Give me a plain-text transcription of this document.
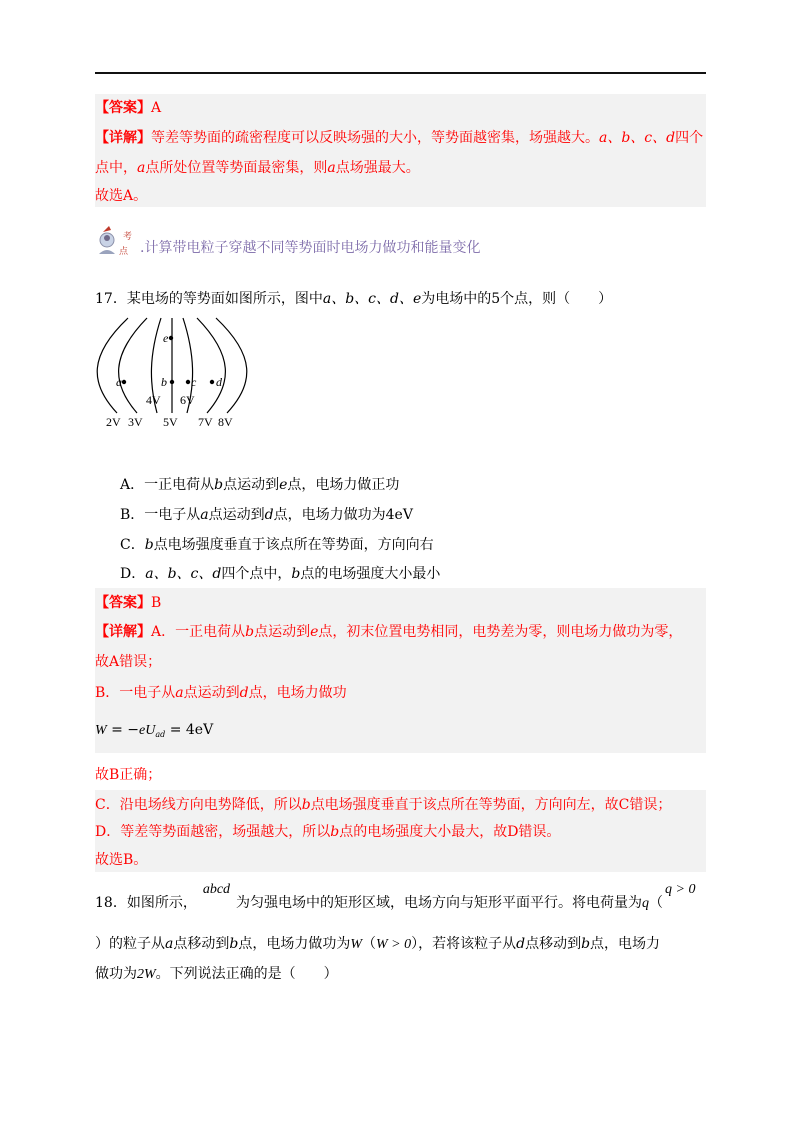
【答案】A
【详解】等差等势面的疏密程度可以反映场强的大小，等势面越密集，场强越大。a、b、c、d四个
点中，a点所处位置等势面最密集，则a点场强最大。
故选A。
考
点 .计算带电粒子穿越不同等势面时电场力做功和能量变化
17．某电场的等势面如图所示，图中a、b、c、d、e为电场中的5个点，则（　　）
e
a	b c d
4V 6V
2V 3V 5V 7V 8V
A．一正电荷从b点运动到e点，电场力做正功
B．一电子从a点运动到d点，电场力做功为4eV
C．b点电场强度垂直于该点所在等势面，方向向右
D．a、b、c、d四个点中，b点的电场强度大小最小
【答案】B
【详解】A．一正电荷从b点运动到e点，初末位置电势相同，电势差为零，则电场力做功为零，
故A错误；
B．一电子从a点运动到d点，电场力做功
$W = -eU_{ad} = 4eV$
故B正确；
C．沿电场线方向电势降低，所以b点电场强度垂直于该点所在等势面，方向向左，故C错误；
D．等差等势面越密，场强越大，所以b点的电场强度大小最大，故D错误。
故选B。
18．如图所示，abcd为匀强电场中的矩形区域，电场方向与矩形平面平行。将电荷量为q（q > 0
）的粒子从a点移动到b点，电场力做功为W（W > 0），若将该粒子从d点移动到b点，电场力
做功为2W。下列说法正确的是（　　）
